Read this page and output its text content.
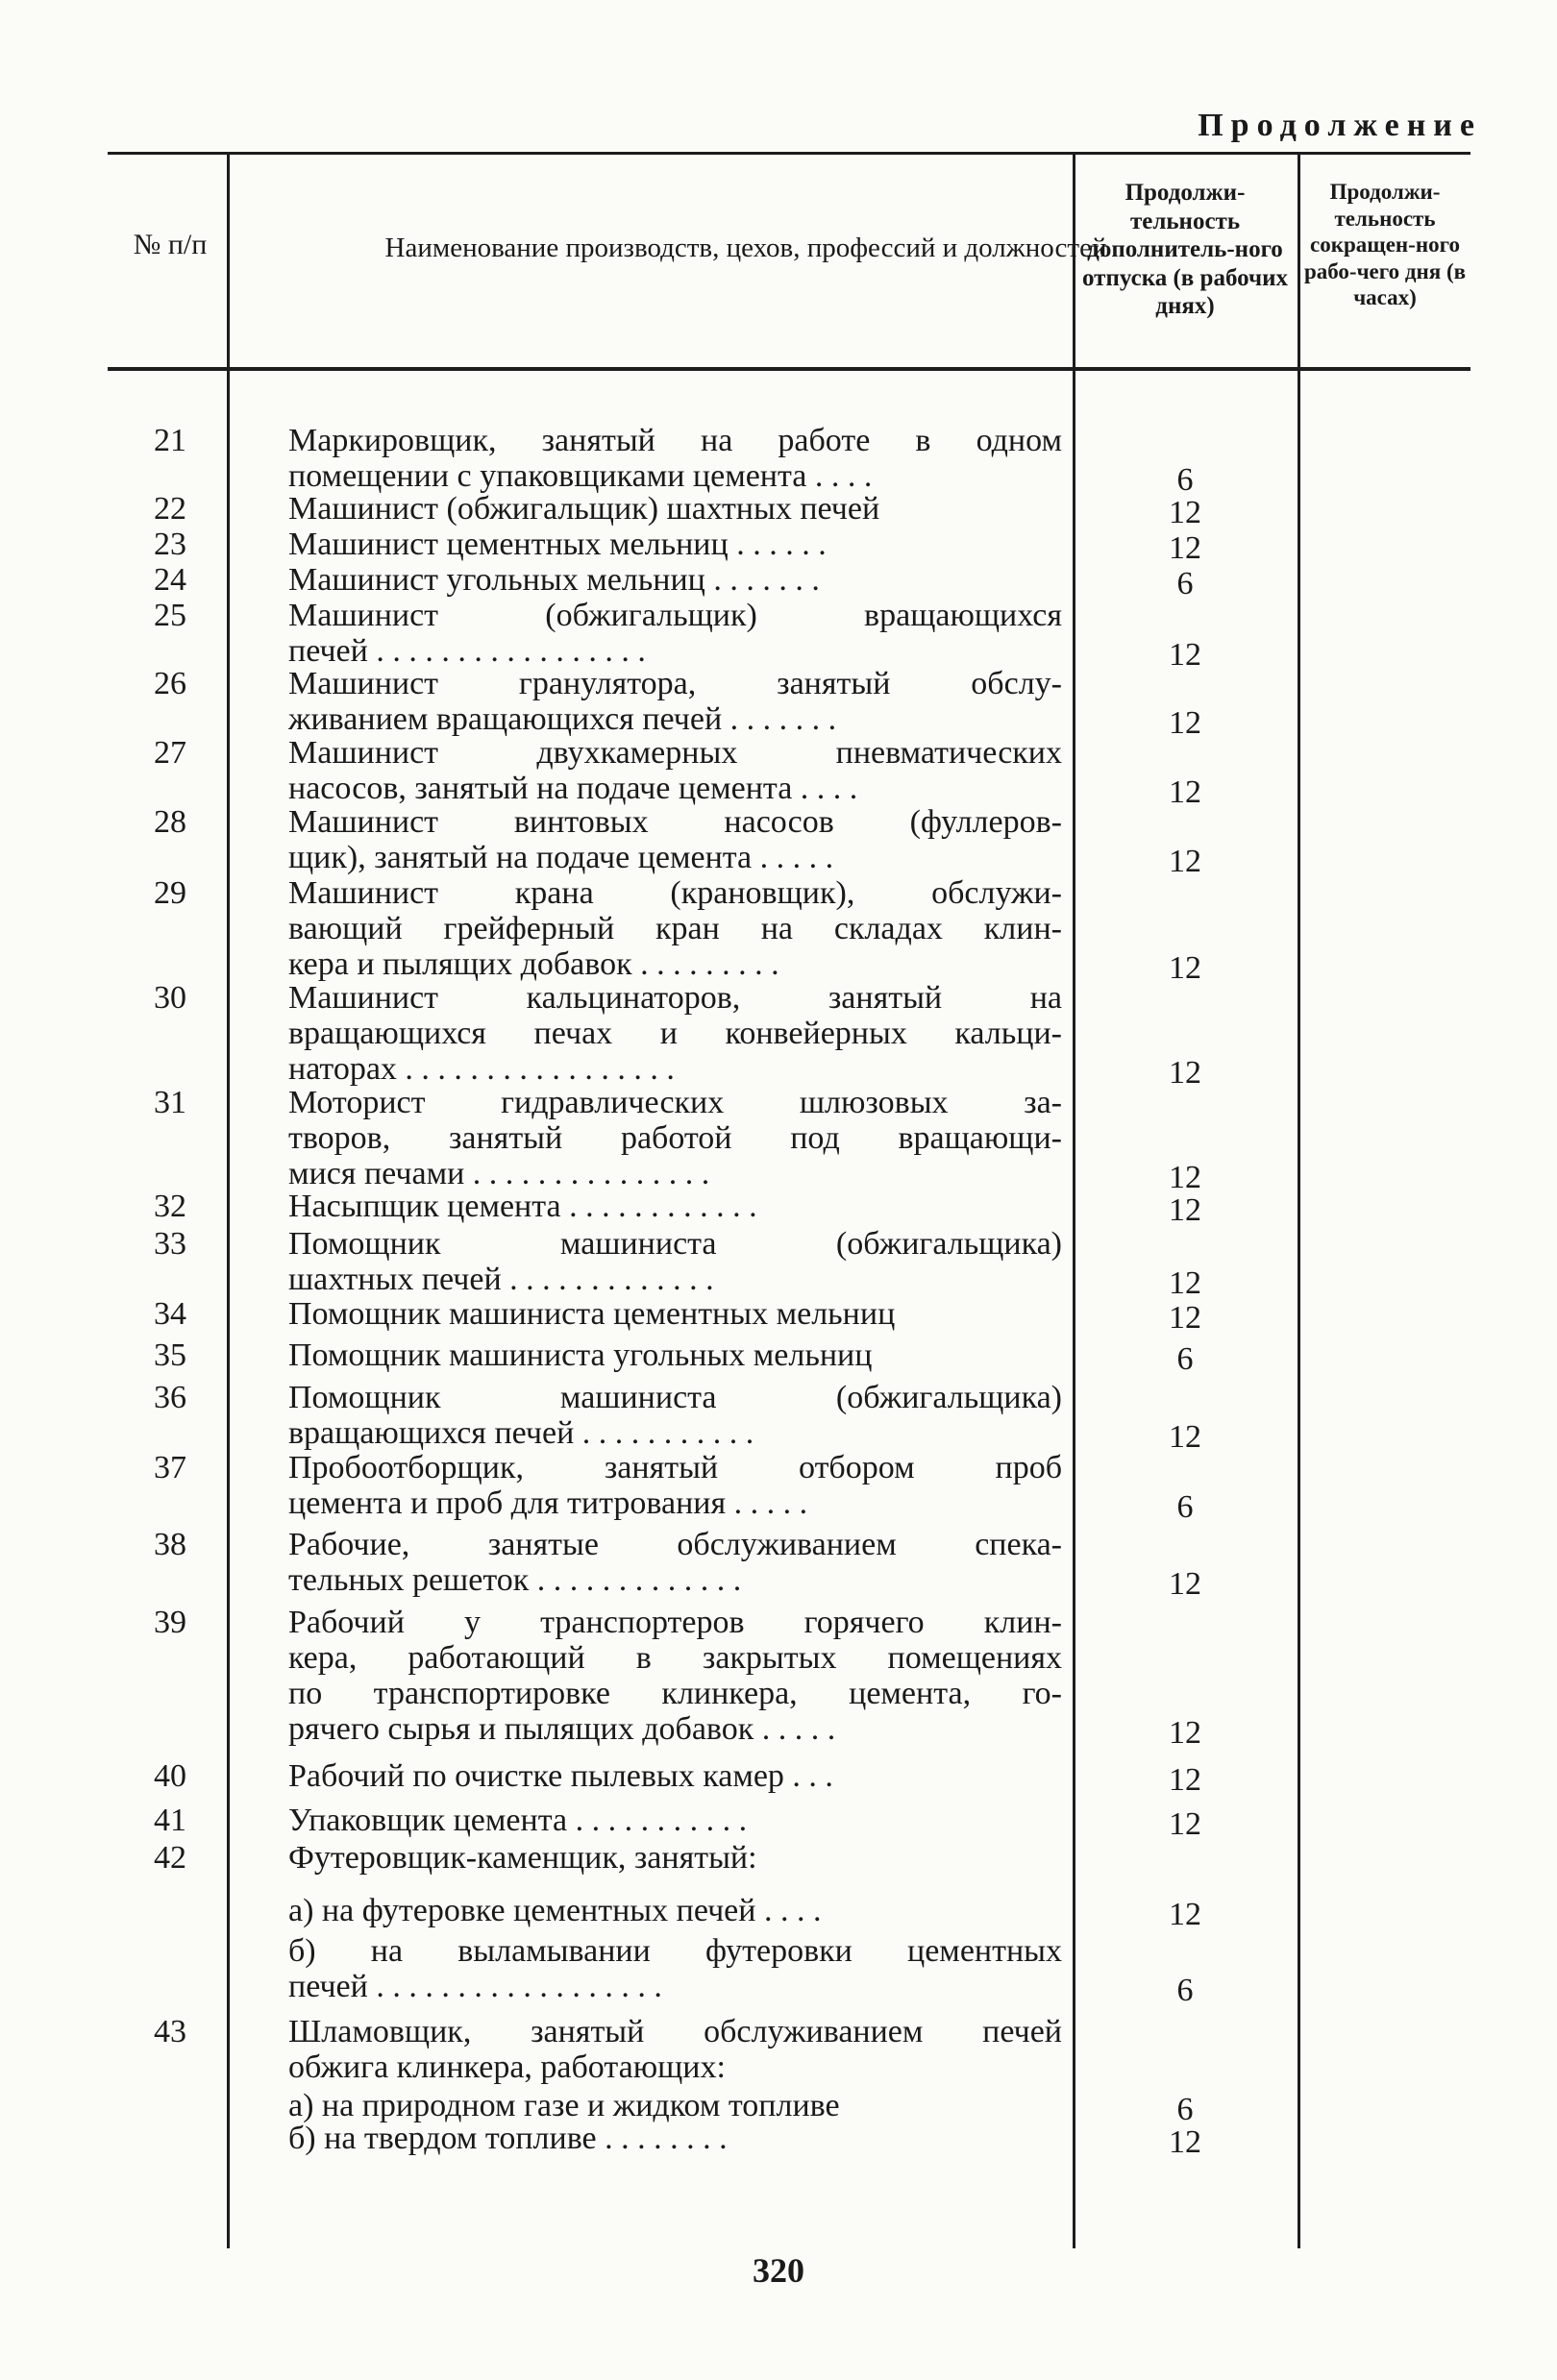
Продолжение
№ п/п	Наименование производств, цехов, профессий и должностей
Продолжи-тельность дополнитель-ного отпуска (в рабочих днях)
Продолжи-тельность сокращен-ного рабо-чего дня (в часах)
21	Маркировщик, занятый на работе в одном
помещении с упаковщиками цемента . . . .	6
22	Машинист (обжигальщик) шахтных печей	12
23	Машинист цементных мельниц . . . . . .	12
24	Машинист угольных мельниц . . . . . . .	6
25	Машинист (обжигальщик) вращающихся
печей . . . . . . . . . . . . . . . . .	12
26	Машинист гранулятора, занятый обслу-
живанием вращающихся печей . . . . . . .	12
27	Машинист двухкамерных пневматических
насосов, занятый на подаче цемента . . . .	12
28	Машинист винтовых насосов (фуллеров-
щик), занятый на подаче цемента . . . . .	12
29	Машинист крана (крановщик), обслужи-
вающий грейферный кран на складах клин-
кера и пылящих добавок . . . . . . . . .	12
30	Машинист кальцинаторов, занятый на
вращающихся печах и конвейерных кальци-
наторах . . . . . . . . . . . . . . . . .	12
31	Моторист гидравлических шлюзовых за-
творов, занятый работой под вращающи-
мися печами . . . . . . . . . . . . . . .	12
32	Насыпщик цемента . . . . . . . . . . . .	12
33	Помощник машиниста (обжигальщика)
шахтных печей . . . . . . . . . . . . .	12
34	Помощник машиниста цементных мельниц	12
35	Помощник машиниста угольных мельниц	6
36	Помощник машиниста (обжигальщика)
вращающихся печей . . . . . . . . . . .	12
37	Пробоотборщик, занятый отбором проб
цемента и проб для титрования . . . . .	6
38	Рабочие, занятые обслуживанием спека-
тельных решеток . . . . . . . . . . . . .	12
39	Рабочий у транспортеров горячего клин-
кера, работающий в закрытых помещениях
по транспортировке клинкера, цемента, го-
рячего сырья и пылящих добавок . . . . .	12
40	Рабочий по очистке пылевых камер . . .	12
41	Упаковщик цемента . . . . . . . . . . .	12
42	Футеровщик-каменщик, занятый:
а) на футеровке цементных печей . . . .	12
б) на выламывании футеровки цементных
печей . . . . . . . . . . . . . . . . . .	6
43	Шламовщик, занятый обслуживанием печей
обжига клинкера, работающих:
а) на природном газе и жидком топливе	6
б) на твердом топливе . . . . . . . .	12
320
